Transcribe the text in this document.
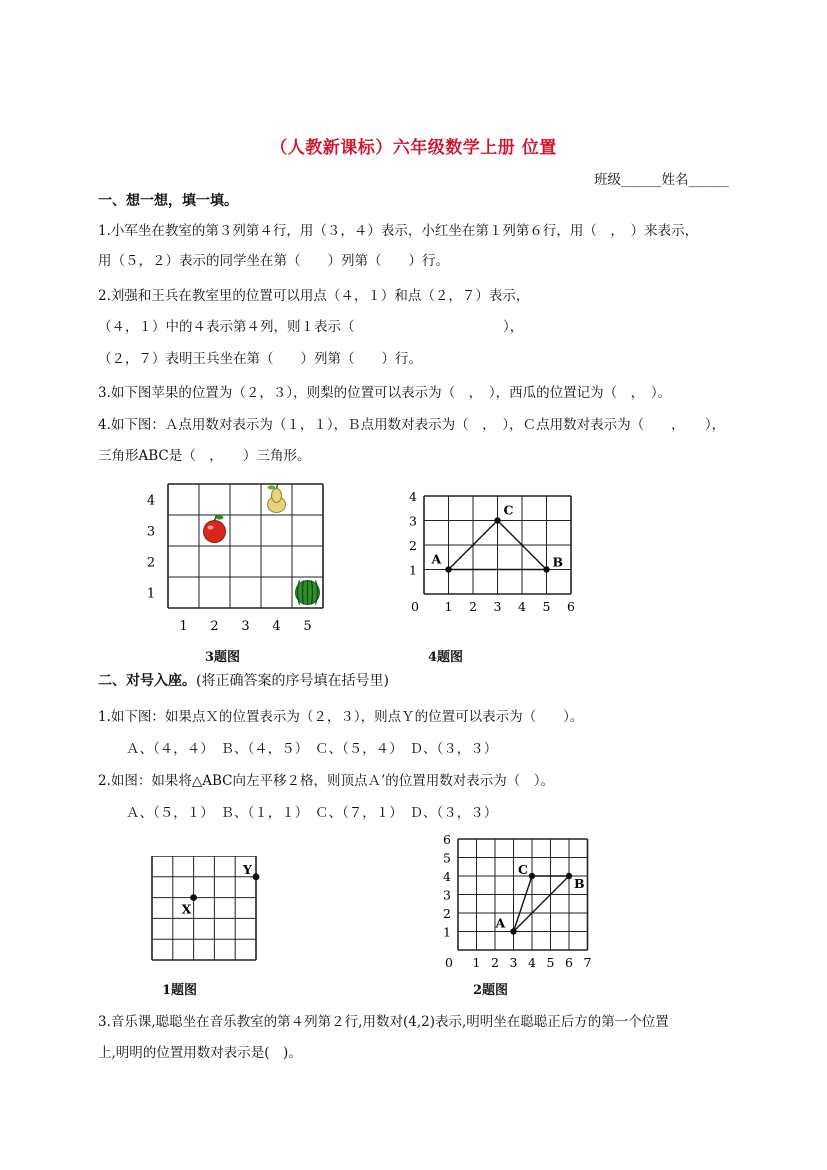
（人教新课标）六年级数学上册 位置
班级______姓名______
一、想一想，填一填。
1.小军坐在教室的第３列第４行，用（３，４）表示，小红坐在第１列第６行，用（　，　）来表示，
用（５，２）表示的同学坐在第（　　）列第（　　）行。
2.刘强和王兵在教室里的位置可以用点（４，１）和点（２，７）表示，
（４，１）中的４表示第４列，则１表示（　　　　　　　　　　　），
（２，７）表明王兵坐在第（　　）列第（　　）行。
3.如下图苹果的位置为（２，３），则梨的位置可以表示为（　，　），西瓜的位置记为（　，　）。
4.如下图：Ａ点用数对表示为（１，１），Ｂ点用数对表示为（　，　），Ｃ点用数对表示为（　　，　　），
三角形ABC是（　，　　）三角形。
4
3
2
1
1 2 3 4 5
3题图
0 1 2 3 4 5 6
1
2
3
4
A
C
B
4题图
二、对号入座。(将正确答案的序号填在括号里)
1.如下图：如果点Ｘ的位置表示为（２，３），则点Ｙ的位置可以表示为（　　）。
Ａ、（４，４）　Ｂ、（４，５）　Ｃ、（５，４）　Ｄ、（３，３）
2.如图：如果将△ABC向左平移２格，则顶点Ａ’的位置用数对表示为（　）。
Ａ、（５，１）　Ｂ、（１，１）　Ｃ、（７，１）　Ｄ、（３，３）
X
Y
1题图
0 1 2 3 4 5 6 7
1
2
3
4
5
6
A
C
B
2题图
3.音乐课,聪聪坐在音乐教室的第４列第２行,用数对(4,2)表示,明明坐在聪聪正后方的第一个位置
上,明明的位置用数对表示是(　)。
